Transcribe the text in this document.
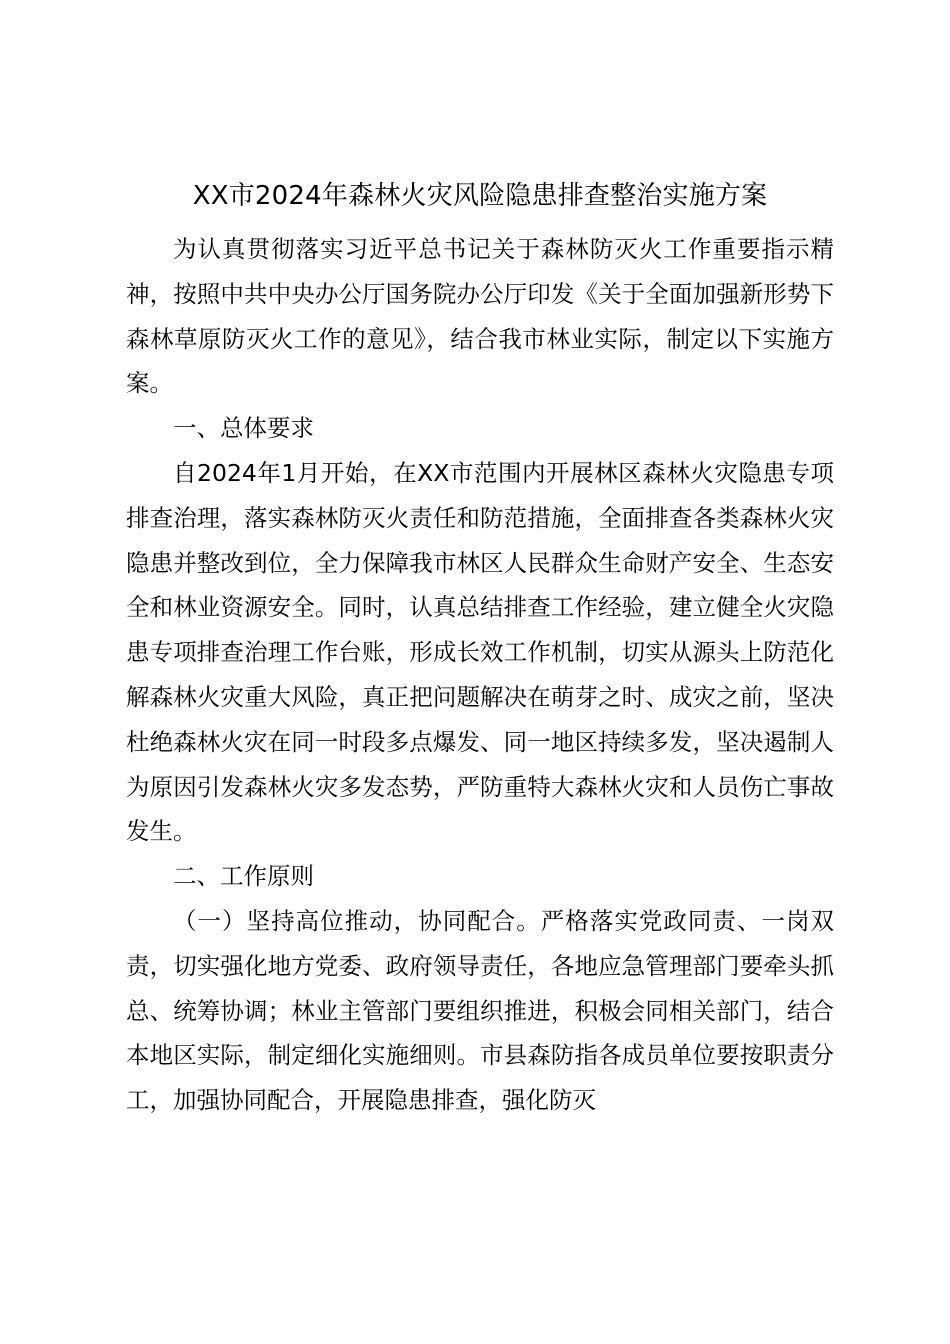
XX市2024年森林火灾风险隐患排查整治实施方案

为认真贯彻落实习近平总书记关于森林防灭火工作重要指示精神，按照中共中央办公厅国务院办公厅印发《关于全面加强新形势下森林草原防灭火工作的意见》，结合我市林业实际，制定以下实施方案。

一、总体要求

自2024年1月开始，在XX市范围内开展林区森林火灾隐患专项排查治理，落实森林防灭火责任和防范措施，全面排查各类森林火灾隐患并整改到位，全力保障我市林区人民群众生命财产安全、生态安全和林业资源安全。同时，认真总结排查工作经验，建立健全火灾隐患专项排查治理工作台账，形成长效工作机制，切实从源头上防范化解森林火灾重大风险，真正把问题解决在萌芽之时、成灾之前，坚决杜绝森林火灾在同一时段多点爆发、同一地区持续多发，坚决遏制人为原因引发森林火灾多发态势，严防重特大森林火灾和人员伤亡事故发生。

二、工作原则

（一）坚持高位推动，协同配合。严格落实党政同责、一岗双责，切实强化地方党委、政府领导责任，各地应急管理部门要牵头抓总、统筹协调；林业主管部门要组织推进，积极会同相关部门，结合本地区实际，制定细化实施细则。市县森防指各成员单位要按职责分工，加强协同配合，开展隐患排查，强化防灭
